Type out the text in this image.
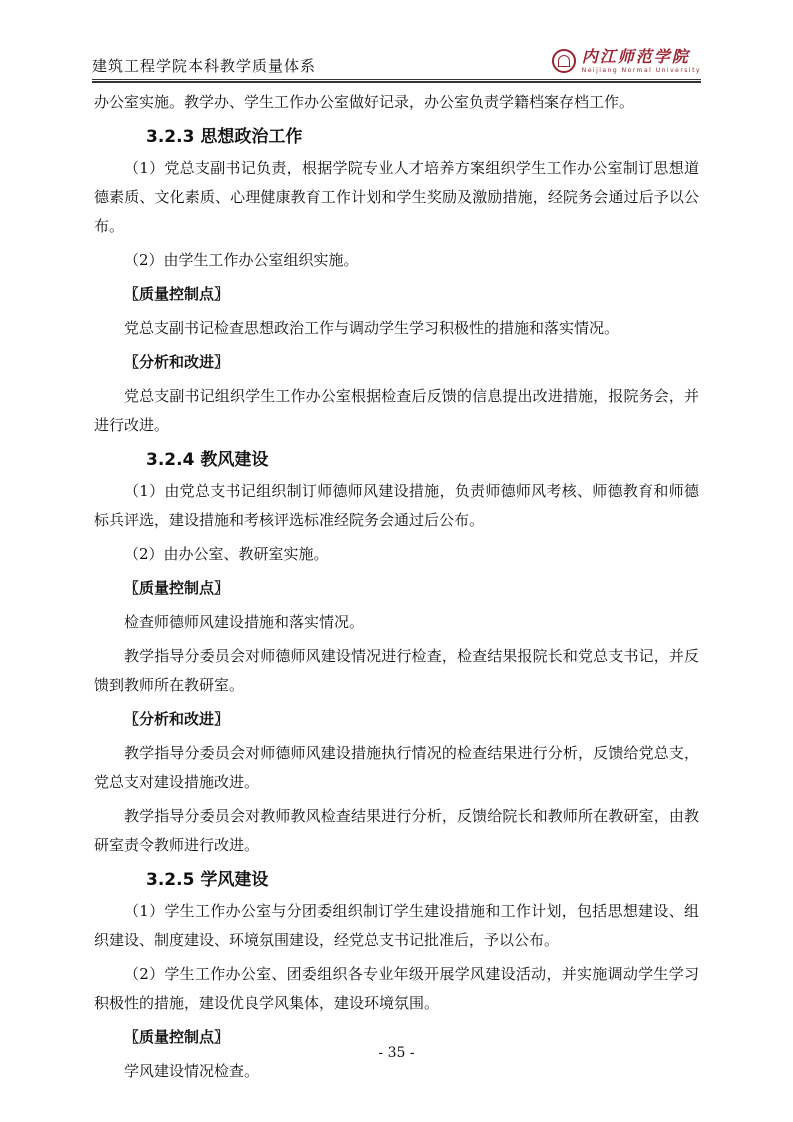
建筑工程学院本科教学质量体系
内江师范学院
Neijiang Normal University
办公室实施。教学办、学生工作办公室做好记录，办公室负责学籍档案存档工作。
3.2.3 思想政治工作
（1）党总支副书记负责，根据学院专业人才培养方案组织学生工作办公室制订思想道德素质、文化素质、心理健康教育工作计划和学生奖励及激励措施，经院务会通过后予以公布。
（2）由学生工作办公室组织实施。
〖质量控制点〗
党总支副书记检查思想政治工作与调动学生学习积极性的措施和落实情况。
〖分析和改进〗
党总支副书记组织学生工作办公室根据检查后反馈的信息提出改进措施，报院务会，并进行改进。
3.2.4 教风建设
（1）由党总支书记组织制订师德师风建设措施，负责师德师风考核、师德教育和师德标兵评选，建设措施和考核评选标准经院务会通过后公布。
（2）由办公室、教研室实施。
〖质量控制点〗
检查师德师风建设措施和落实情况。
教学指导分委员会对师德师风建设情况进行检查，检查结果报院长和党总支书记，并反馈到教师所在教研室。
〖分析和改进〗
教学指导分委员会对师德师风建设措施执行情况的检查结果进行分析，反馈给党总支，党总支对建设措施改进。
教学指导分委员会对教师教风检查结果进行分析，反馈给院长和教师所在教研室，由教研室责令教师进行改进。
3.2.5 学风建设
（1）学生工作办公室与分团委组织制订学生建设措施和工作计划，包括思想建设、组织建设、制度建设、环境氛围建设，经党总支书记批准后，予以公布。
（2）学生工作办公室、团委组织各专业年级开展学风建设活动，并实施调动学生学习积极性的措施，建设优良学风集体，建设环境氛围。
〖质量控制点〗
学风建设情况检查。
- 35 -
